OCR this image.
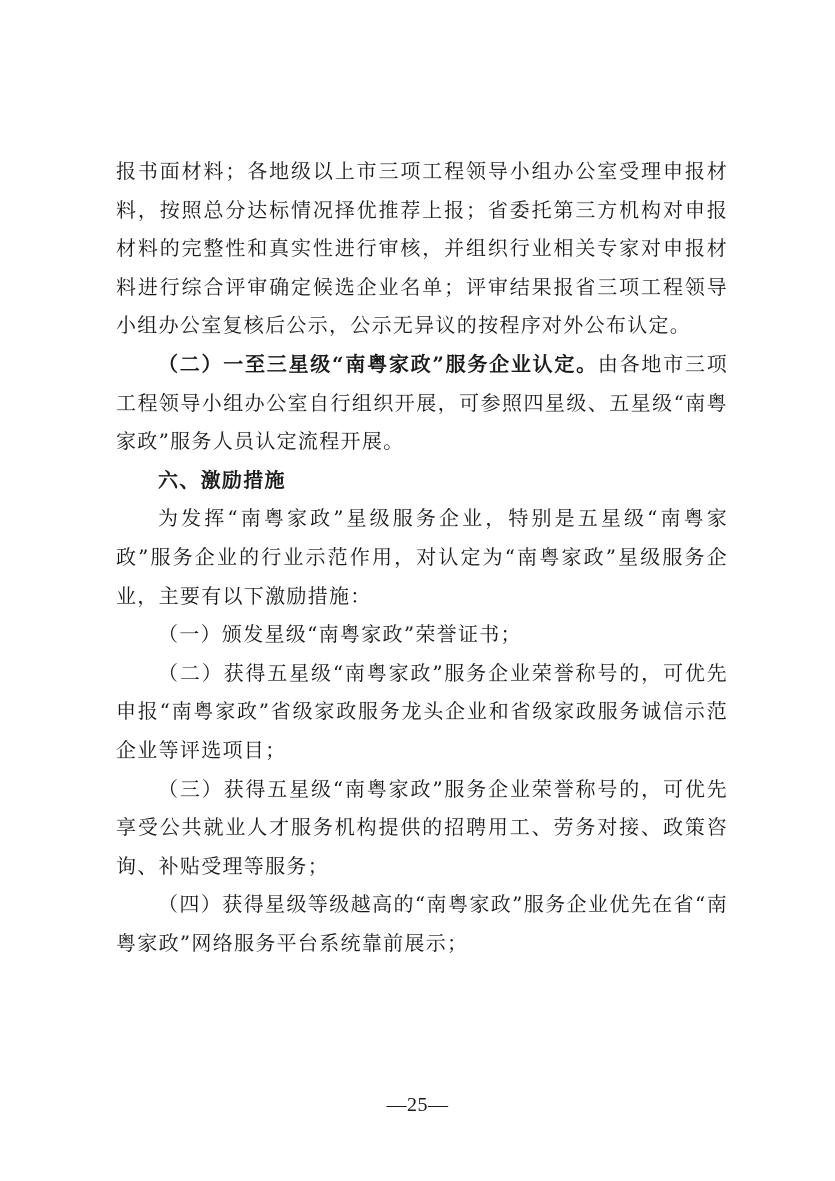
报书面材料；各地级以上市三项工程领导小组办公室受理申报材料，按照总分达标情况择优推荐上报；省委托第三方机构对申报材料的完整性和真实性进行审核，并组织行业相关专家对申报材料进行综合评审确定候选企业名单；评审结果报省三项工程领导小组办公室复核后公示，公示无异议的按程序对外公布认定。

（二）一至三星级“南粤家政”服务企业认定。由各地市三项工程领导小组办公室自行组织开展，可参照四星级、五星级“南粤家政”服务人员认定流程开展。

六、激励措施

为发挥“南粤家政”星级服务企业，特别是五星级“南粤家政”服务企业的行业示范作用，对认定为“南粤家政”星级服务企业，主要有以下激励措施：

（一）颁发星级“南粤家政”荣誉证书；

（二）获得五星级“南粤家政”服务企业荣誉称号的，可优先申报“南粤家政”省级家政服务龙头企业和省级家政服务诚信示范企业等评选项目；

（三）获得五星级“南粤家政”服务企业荣誉称号的，可优先享受公共就业人才服务机构提供的招聘用工、劳务对接、政策咨询、补贴受理等服务；

（四）获得星级等级越高的“南粤家政”服务企业优先在省“南粤家政”网络服务平台系统靠前展示；

—25—
